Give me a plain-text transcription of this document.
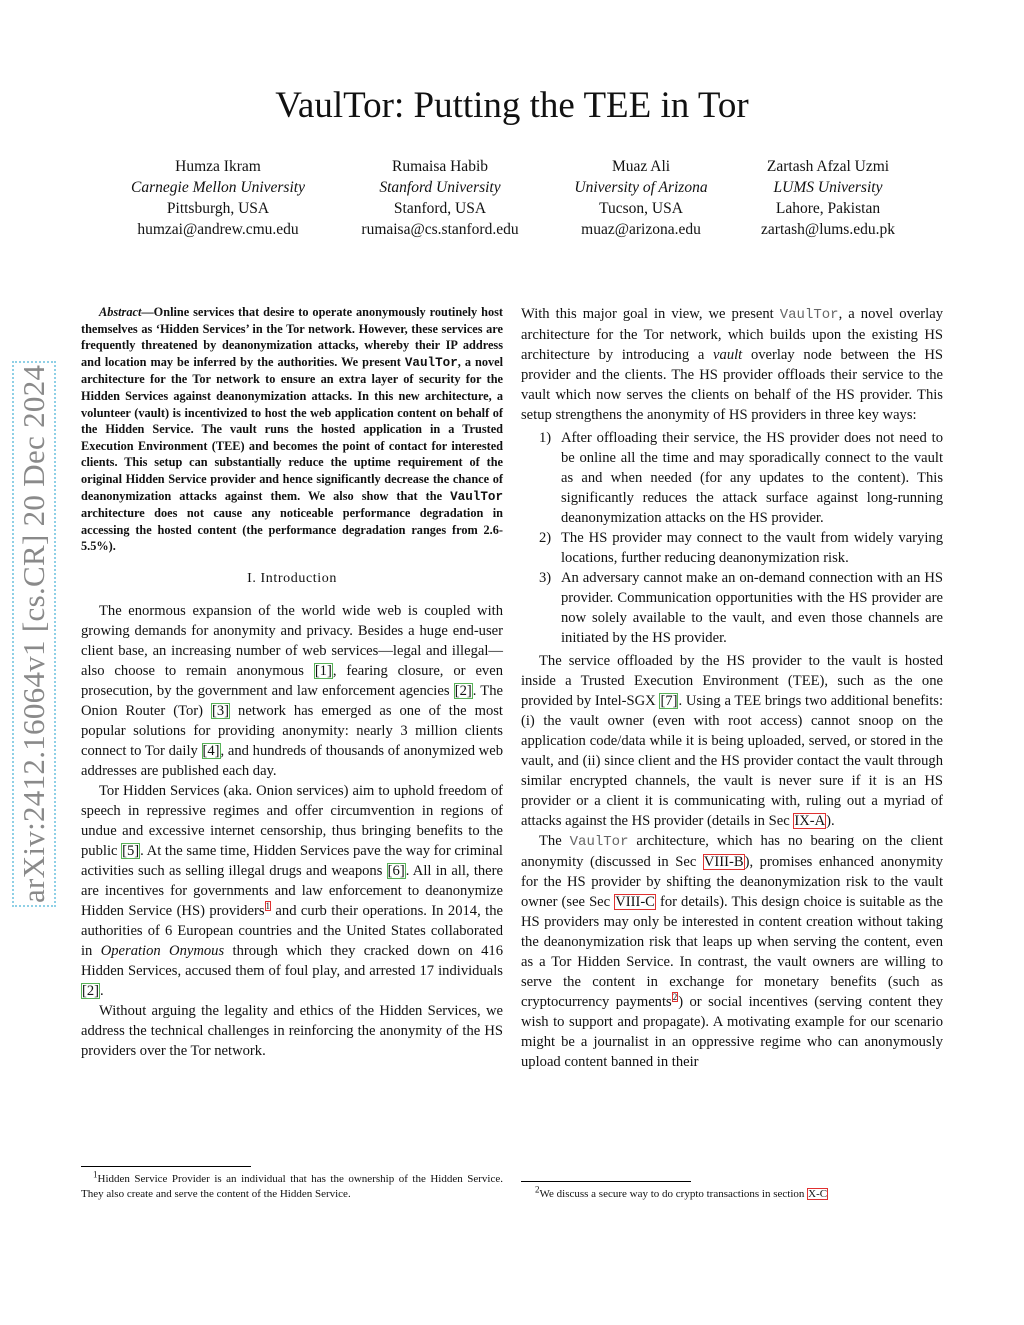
VaulTor: Putting the TEE in Tor
Humza Ikram
Carnegie Mellon University
Pittsburgh, USA
humzai@andrew.cmu.edu
Rumaisa Habib
Stanford University
Stanford, USA
rumaisa@cs.stanford.edu
Muaz Ali
University of Arizona
Tucson, USA
muaz@arizona.edu
Zartash Afzal Uzmi
LUMS University
Lahore, Pakistan
zartash@lums.edu.pk
arXiv:2412.16064v1 [cs.CR] 20 Dec 2024

Abstract—Online services that desire to operate anonymously routinely host themselves as ‘Hidden Services’ in the Tor network. However, these services are frequently threatened by deanonymization attacks, whereby their IP address and location may be inferred by the authorities. We present VaulTor, a novel architecture for the Tor network to ensure an extra layer of security for the Hidden Services against deanonymization attacks. In this new architecture, a volunteer (vault) is incentivized to host the web application content on behalf of the Hidden Service. The vault runs the hosted application in a Trusted Execution Environment (TEE) and becomes the point of contact for interested clients. This setup can substantially reduce the uptime requirement of the original Hidden Service provider and hence significantly decrease the chance of deanonymization attacks against them. We also show that the VaulTor architecture does not cause any noticeable performance degradation in accessing the hosted content (the performance degradation ranges from 2.6-5.5%).

I. Introduction

The enormous expansion of the world wide web is coupled with growing demands for anonymity and privacy. Besides a huge end-user client base, an increasing number of web services—legal and illegal—also choose to remain anonymous [1], fearing closure, or even prosecution, by the government and law enforcement agencies [2]. The Onion Router (Tor) [3] network has emerged as one of the most popular solutions for providing anonymity: nearly 3 million clients connect to Tor daily [4], and hundreds of thousands of anonymized web addresses are published each day.

Tor Hidden Services (aka. Onion services) aim to uphold freedom of speech in repressive regimes and offer circumvention in regions of undue and excessive internet censorship, thus bringing benefits to the public [5]. At the same time, Hidden Services pave the way for criminal activities such as selling illegal drugs and weapons [6]. All in all, there are incentives for governments and law enforcement to deanonymize Hidden Service (HS) providers$^1$ and curb their operations. In 2014, the authorities of 6 European countries and the United States collaborated in Operation Onymous through which they cracked down on 416 Hidden Services, accused them of foul play, and arrested 17 individuals [2].

Without arguing the legality and ethics of the Hidden Services, we address the technical challenges in reinforcing the anonymity of the HS providers over the Tor network.

$^1$Hidden Service Provider is an individual that has the ownership of the Hidden Service. They also create and serve the content of the Hidden Service.

With this major goal in view, we present VaulTor, a novel overlay architecture for the Tor network, which builds upon the existing HS architecture by introducing a vault overlay node between the HS provider and the clients. The HS provider offloads their service to the vault which now serves the clients on behalf of the HS provider. This setup strengthens the anonymity of HS providers in three key ways:

1) After offloading their service, the HS provider does not need to be online all the time and may sporadically connect to the vault as and when needed (for any updates to the content). This significantly reduces the attack surface against long-running deanonymization attacks on the HS provider.
2) The HS provider may connect to the vault from widely varying locations, further reducing deanonymization risk.
3) An adversary cannot make an on-demand connection with an HS provider. Communication opportunities with the HS provider are now solely available to the vault, and even those channels are initiated by the HS provider.

The service offloaded by the HS provider to the vault is hosted inside a Trusted Execution Environment (TEE), such as the one provided by Intel-SGX [7]. Using a TEE brings two additional benefits: (i) the vault owner (even with root access) cannot snoop on the application code/data while it is being uploaded, served, or stored in the vault, and (ii) since client and the HS provider contact the vault through similar encrypted channels, the vault is never sure if it is an HS provider or a client it is communicating with, ruling out a myriad of attacks against the HS provider (details in Sec IX-A).

The VaulTor architecture, which has no bearing on the client anonymity (discussed in Sec VIII-B), promises enhanced anonymity for the HS provider by shifting the deanonymization risk to the vault owner (see Sec VIII-C for details). This design choice is suitable as the HS providers may only be interested in content creation without taking the deanonymization risk that leaps up when serving the content, even as a Tor Hidden Service. In contrast, the vault owners are willing to serve the content in exchange for monetary benefits (such as cryptocurrency payments$^2$) or social incentives (serving content they wish to support and propagate). A motivating example for our scenario might be a journalist in an oppressive regime who can anonymously upload content banned in their

$^2$We discuss a secure way to do crypto transactions in section X-C
